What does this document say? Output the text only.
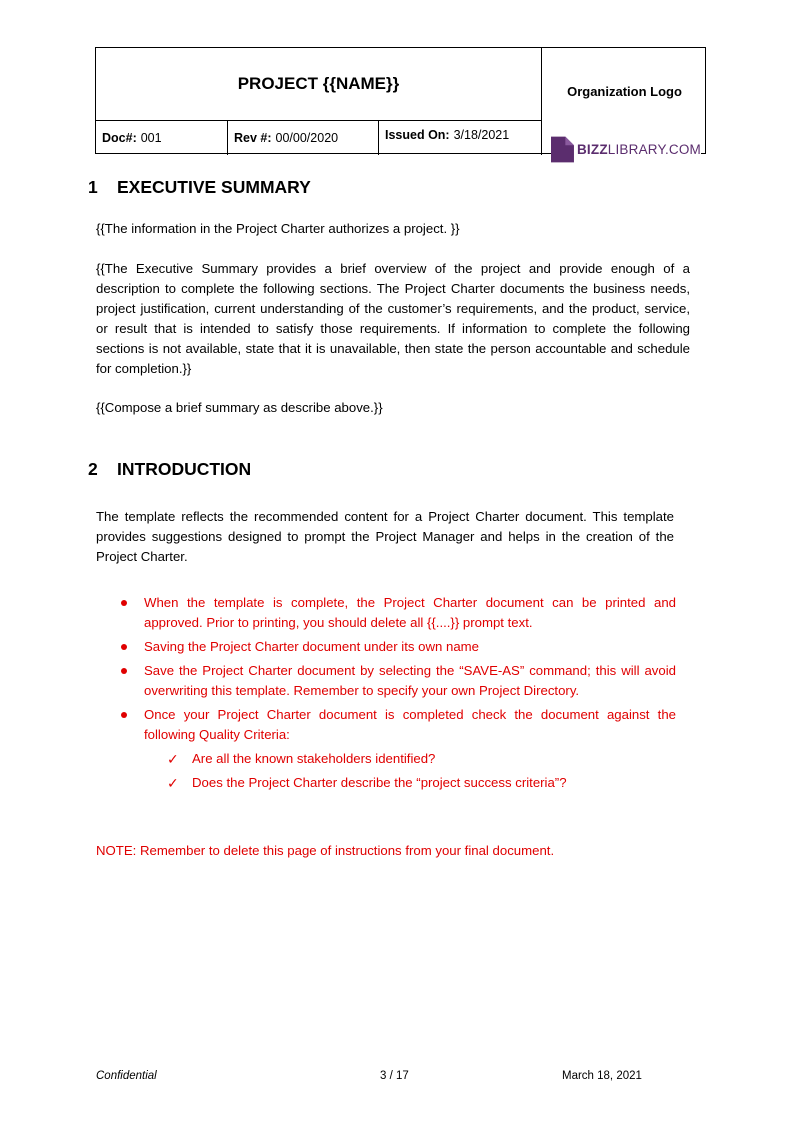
PROJECT {{NAME}}
Doc#: 001	Rev #: 00/00/2020	Issued On: 3/18/2021
Organization Logo
BIZZLIBRARY.COM
1	EXECUTIVE SUMMARY

{{The information in the Project Charter authorizes a project. }}

{{The Executive Summary provides a brief overview of the project and provide enough of a description to complete the following sections. The Project Charter documents the business needs, project justification, current understanding of the customer’s requirements, and the product, service, or result that is intended to satisfy those requirements. If information to complete the following sections is not available, state that it is unavailable, then state the person accountable and schedule for completion.}}

{{Compose a brief summary as describe above.}}

2	INTRODUCTION

The template reflects the recommended content for a Project Charter document. This template provides suggestions designed to prompt the Project Manager and helps in the creation of the Project Charter.

When the template is complete, the Project Charter document can be printed and approved. Prior to printing, you should delete all {{....}} prompt text.
Saving the Project Charter document under its own name
Save the Project Charter document by selecting the “SAVE-AS” command; this will avoid overwriting this template. Remember to specify your own Project Directory.
Once your Project Charter document is completed check the document against the following Quality Criteria:
✓ Are all the known stakeholders identified?
✓ Does the Project Charter describe the “project success criteria”?

NOTE: Remember to delete this page of instructions from your final document.

Confidential	3 / 17	March 18, 2021
